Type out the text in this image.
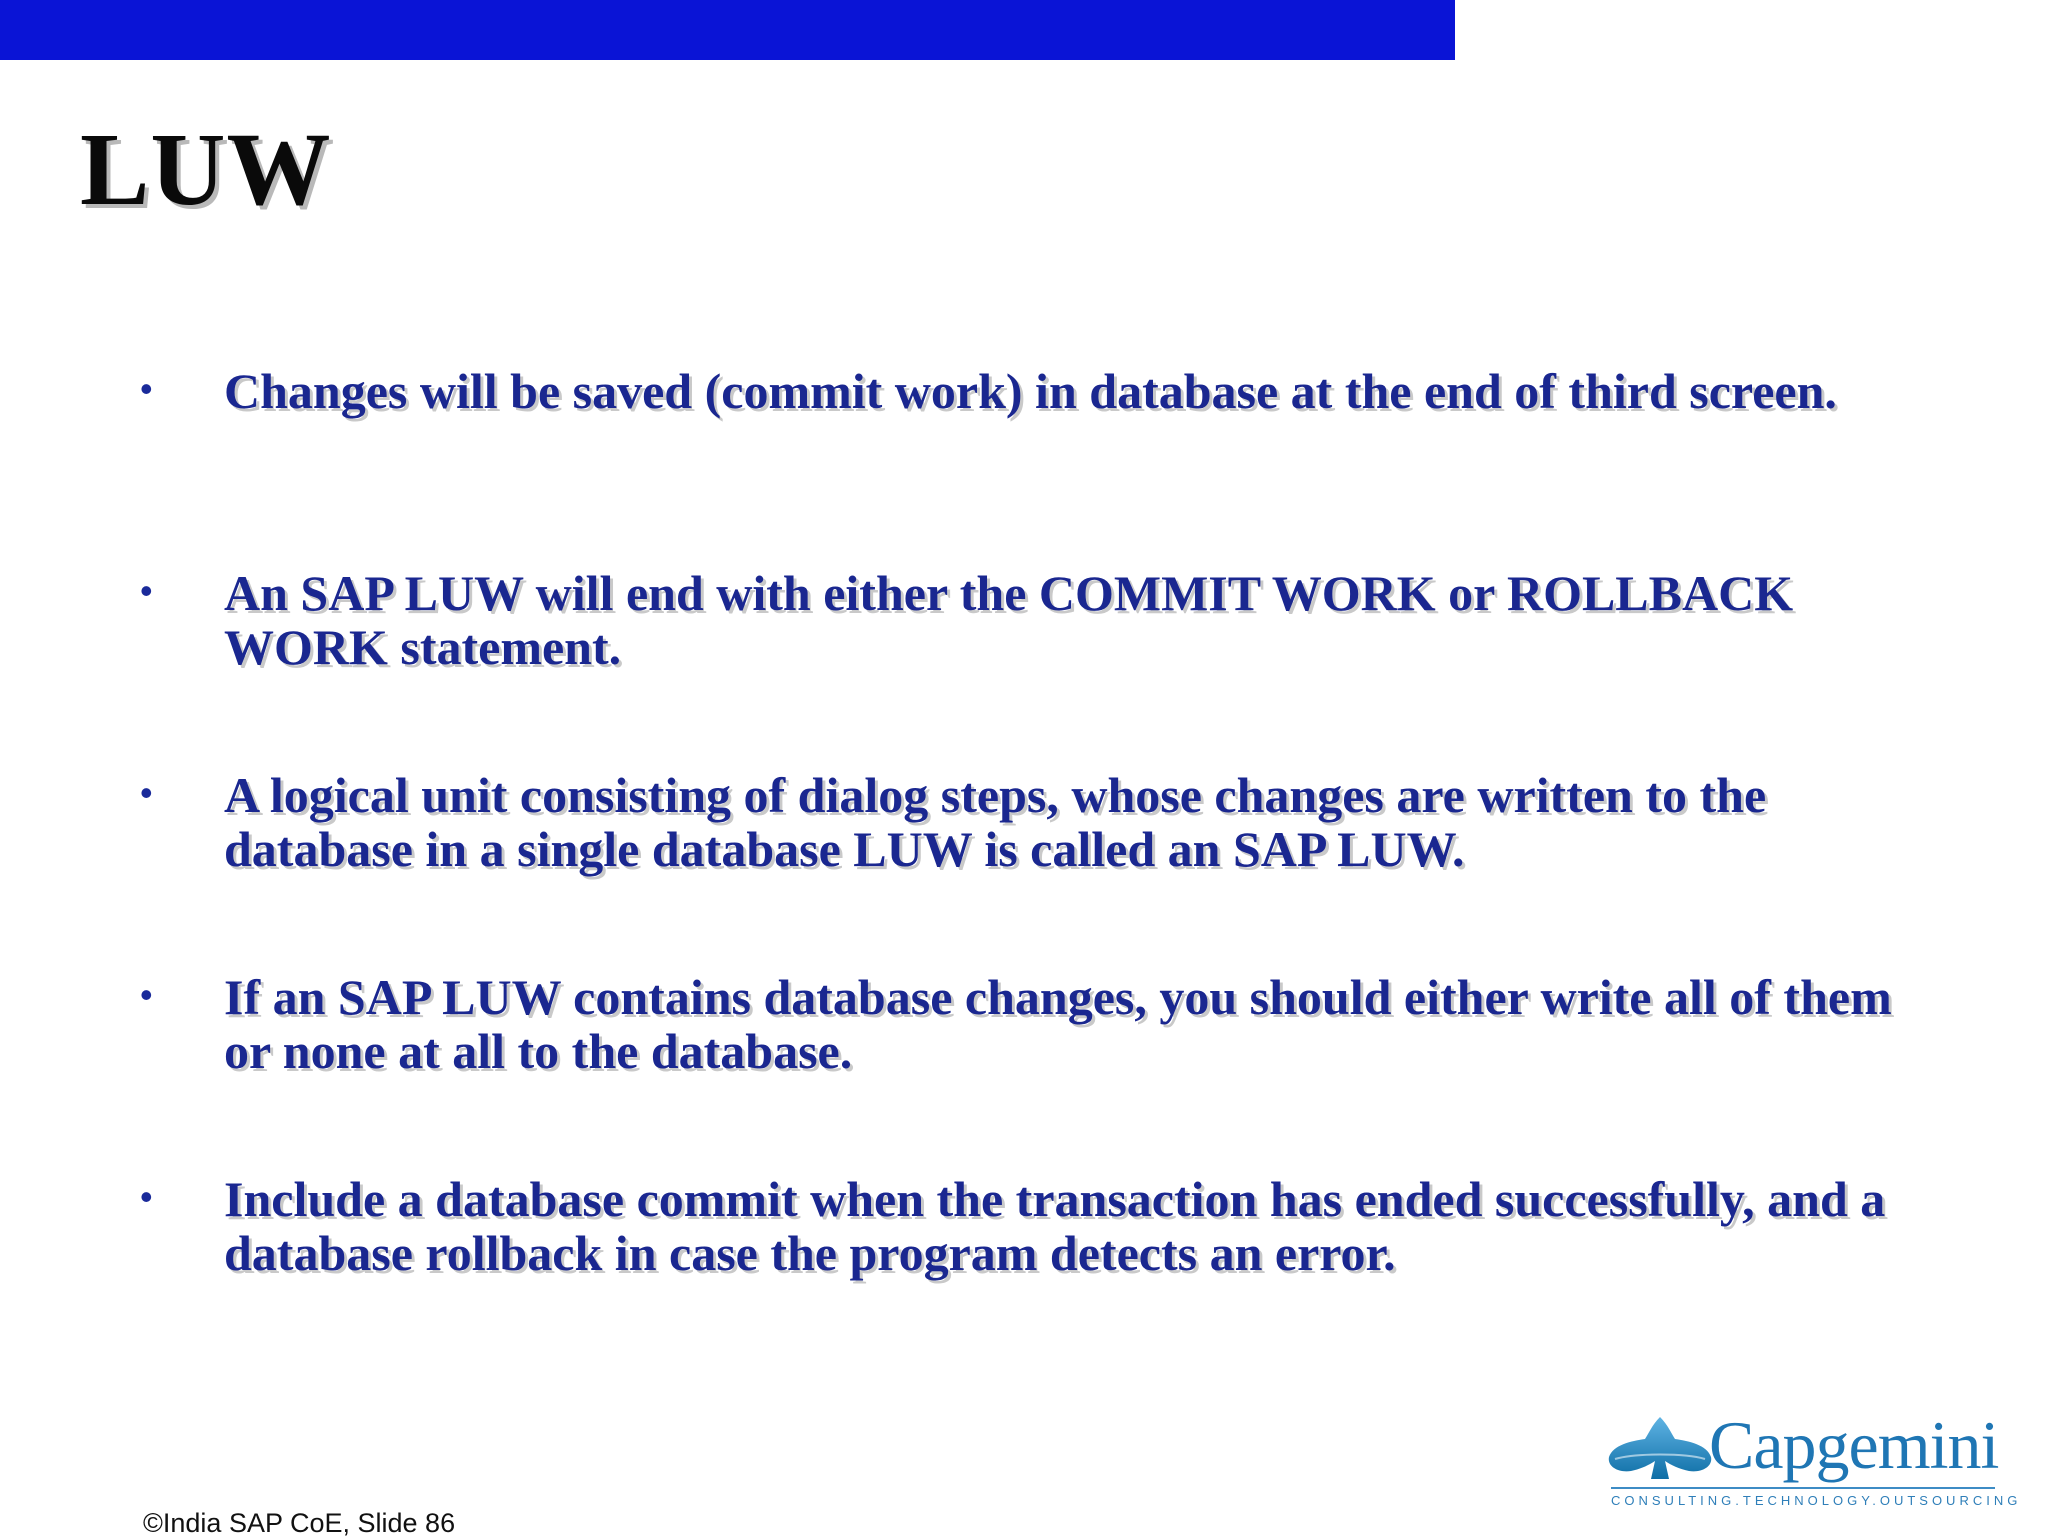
LUW
• Changes will be saved (commit work) in database at the end of third screen.
• An SAP LUW will end with either the COMMIT WORK or ROLLBACK WORK statement.
• A logical unit consisting of dialog steps, whose changes are written to the database in a single database LUW is called an SAP LUW.
• If an SAP LUW contains database changes, you should either write all of them or none at all to the database.
• Include a database commit when the transaction has ended successfully, and a database rollback in case the program detects an error.
©India SAP CoE, Slide 86
Capgemini
CONSULTING.TECHNOLOGY.OUTSOURCING
